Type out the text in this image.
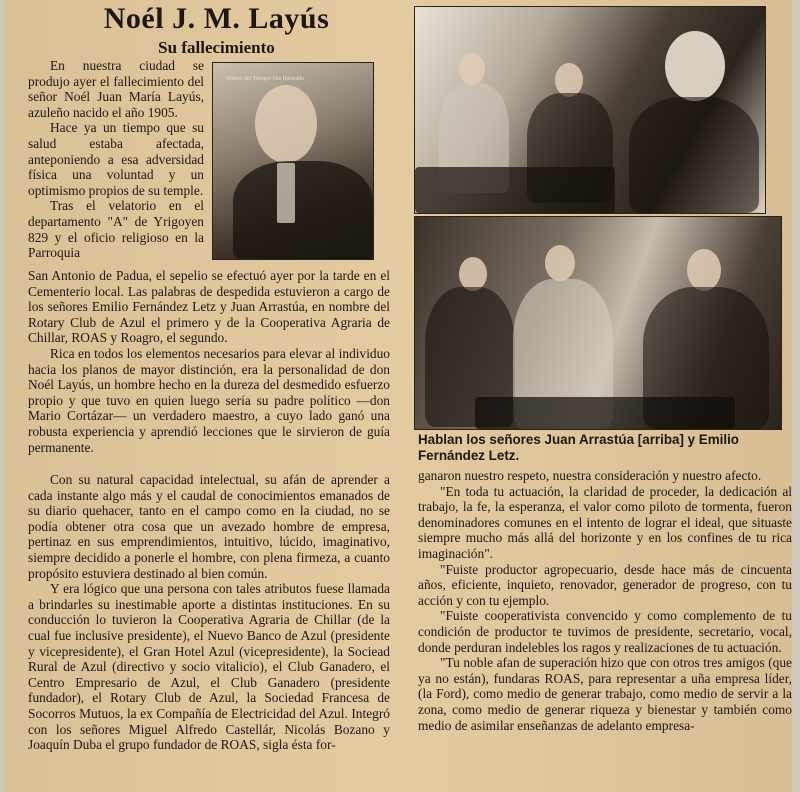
Noél J. M. Layús
Su fallecimiento

En nuestra ciudad se produjo ayer el fallecimiento del señor Noél Juan María Layús, azuleño nacido el año 1905.

Hace ya un tiempo que su salud estaba afectada, anteponiendo a esa adversidad física una voluntad y un optimismo propios de su temple.

Tras el velatorio en el departamento "A" de Yrigoyen 829 y el oficio religioso en la Parroquia

Diario del Tiempo Día Ilustrado

San Antonio de Padua, el sepelio se efectuó ayer por la tarde en el Cementerio local. Las palabras de despedida estuvieron a cargo de los señores Emilio Fernández Letz y Juan Arrastúa, en nombre del Rotary Club de Azul el primero y de la Cooperativa Agraria de Chillar, ROAS y Roagro, el segundo.

Rica en todos los elementos necesarios para elevar al individuo hacia los planos de mayor distinción, era la personalidad de don Noél Layús, un hombre hecho en la dureza del desmedido esfuerzo propio y que tuvo en quien luego sería su padre político —don Mario Cortázar— un verdadero maestro, a cuyo lado ganó una robusta experiencia y aprendió lecciones que le sirvieron de guía permanente.

Hablan los señores Juan Arrastúa [arriba] y Emilio Fernández Letz.

Con su natural capacidad intelectual, su afán de aprender a cada instante algo más y el caudal de conocimientos emanados de su diario quehacer, tanto en el campo como en la ciudad, no se podía obtener otra cosa que un avezado hombre de empresa, pertinaz en sus emprendimientos, intuitivo, lúcido, imaginativo, siempre decidido a ponerle el hombre, con plena firmeza, a cuanto propósito estuviera destinado al bien común.

Y era lógico que una persona con tales atributos fuese llamada a brindarles su inestimable aporte a distintas instituciones. En su conducción lo tuvieron la Cooperativa Agraria de Chillar (de la cual fue inclusive presidente), el Nuevo Banco de Azul (presidente y vicepresidente), el Gran Hotel Azul (vicepresidente), la Sociead Rural de Azul (directivo y socio vitalicio), el Club Ganadero, el Centro Empresario de Azul, el Club Ganadero (presidente fundador), el Rotary Club de Azul, la Sociedad Francesa de Socorros Mutuos, la ex Compañía de Electricidad del Azul. Integró con los señores Miguel Alfredo Castellár, Nicolás Bozano y Joaquín Duba el grupo fundador de ROAS, sigla ésta for-

ganaron nuestro respeto, nuestra consideración y nuestro afecto.

"En toda tu actuación, la claridad de proceder, la dedicación al trabajo, la fe, la esperanza, el valor como piloto de tormenta, fueron denominadores comunes en el intento de lograr el ideal, que situaste siempre mucho más allá del horizonte y en los confines de tu rica imaginación".

"Fuiste productor agropecuario, desde hace más de cincuenta años, eficiente, inquieto, renovador, generador de progreso, con tu acción y con tu ejemplo.

"Fuiste cooperativista convencido y como complemento de tu condición de productor te tuvimos de presidente, secretario, vocal, donde perduran indelebles los ragos y realizaciones de tu actuación.

"Tu noble afan de superación hizo que con otros tres amigos (que ya no están), fundaras ROAS, para representar a uña empresa líder, (la Ford), como medio de generar trabajo, como medio de servir a la zona, como medio de generar riqueza y bienestar y también como medio de asimilar enseñanzas de adelanto empresa-
